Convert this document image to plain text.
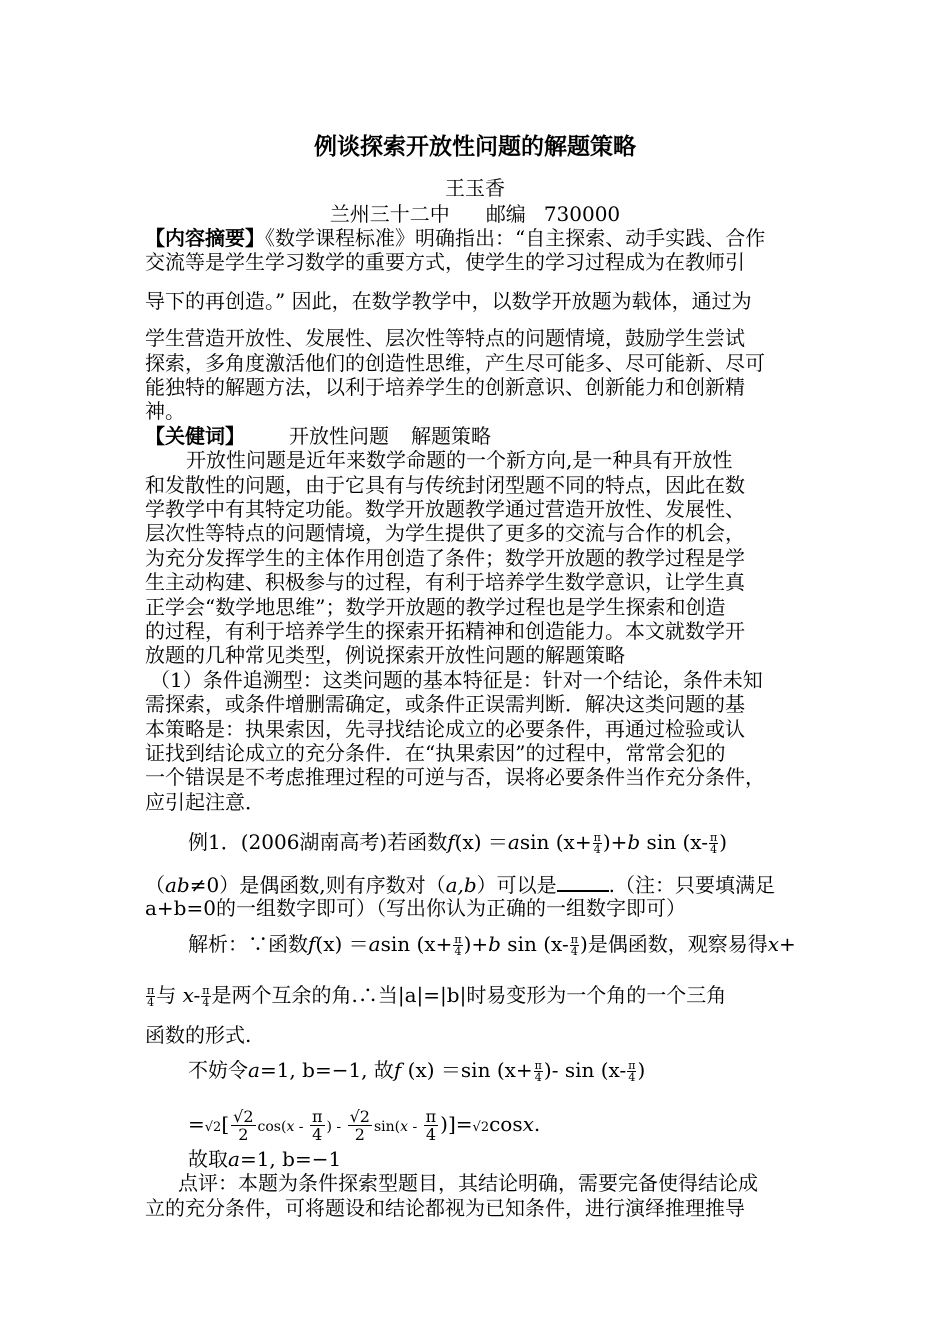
例谈探索开放性问题的解题策略
王玉香
兰州三十二中 邮编 730000
【内容摘要】《数学课程标准》明确指出：“自主探索、动手实践、合作
交流等是学生学习数学的重要方式，使学生的学习过程成为在教师引
导下的再创造。” 因此，在数学教学中，以数学开放题为载体，通过为
学生营造开放性、发展性、层次性等特点的问题情境，鼓励学生尝试
探索，多角度激活他们的创造性思维，产生尽可能多、尽可能新、尽可
能独特的解题方法，以利于培养学生的创新意识、创新能力和创新精
神。
【关健词】 开放性问题 解题策略
开放性问题是近年来数学命题的一个新方向,是一种具有开放性
和发散性的问题，由于它具有与传统封闭型题不同的特点，因此在数
学教学中有其特定功能。数学开放题教学通过营造开放性、发展性、
层次性等特点的问题情境，为学生提供了更多的交流与合作的机会，
为充分发挥学生的主体作用创造了条件；数学开放题的教学过程是学
生主动构建、积极参与的过程，有利于培养学生数学意识，让学生真
正学会“数学地思维”；数学开放题的教学过程也是学生探索和创造
的过程，有利于培养学生的探索开拓精神和创造能力。本文就数学开
放题的几种常见类型，例说探索开放性问题的解题策略
（1）条件追溯型：这类问题的基本特征是：针对一个结论，条件未知
需探索，或条件增删需确定，或条件正误需判断．解决这类问题的基
本策略是：执果索因，先寻找结论成立的必要条件，再通过检验或认
证找到结论成立的充分条件．在“执果索因”的过程中，常常会犯的
一个错误是不考虑推理过程的可逆与否，误将必要条件当作充分条件，
应引起注意．
例1．(2006湖南高考)若函数f(x) ＝asin $(x+ \frac{\pi}{4} )+b$ $\sin (x- \frac{\pi}{4}$ )
（ab≠0）是偶函数,则有序数对（a,b）可以是	.（注：只要填满足
a+b=0的一组数字即可）（写出你认为正确的一组数字即可）
解析：∵函数f(x) ＝asin $(x+ \frac{\pi}{4} )+b$ $\sin (x- \frac{\pi}{4}$ )是偶函数，观察易得x+
$\frac{\pi}{4}$ 与 $x- \frac{\pi}{4}$ 是两个互余的角.∴当|a|=|b|时易变形为一个角的一个三角
函数的形式.
不妨令a=1, b=−1, 故f (x) ＝sin ($x+ \frac{\pi}{4}$ )- $\sin (x- \frac{\pi}{4}$ )
$=√2[ \frac{√2}{2} \cos(x - \frac{\pi}{4}$ ) - $\frac{√2}{2} \sin(x - \frac{\pi}{4} )]=√2\cos x$.
故取a=1, b=−1
点评：本题为条件探索型题目，其结论明确，需要完备使得结论成
立的充分条件，可将题设和结论都视为已知条件，进行演绎推理推导
